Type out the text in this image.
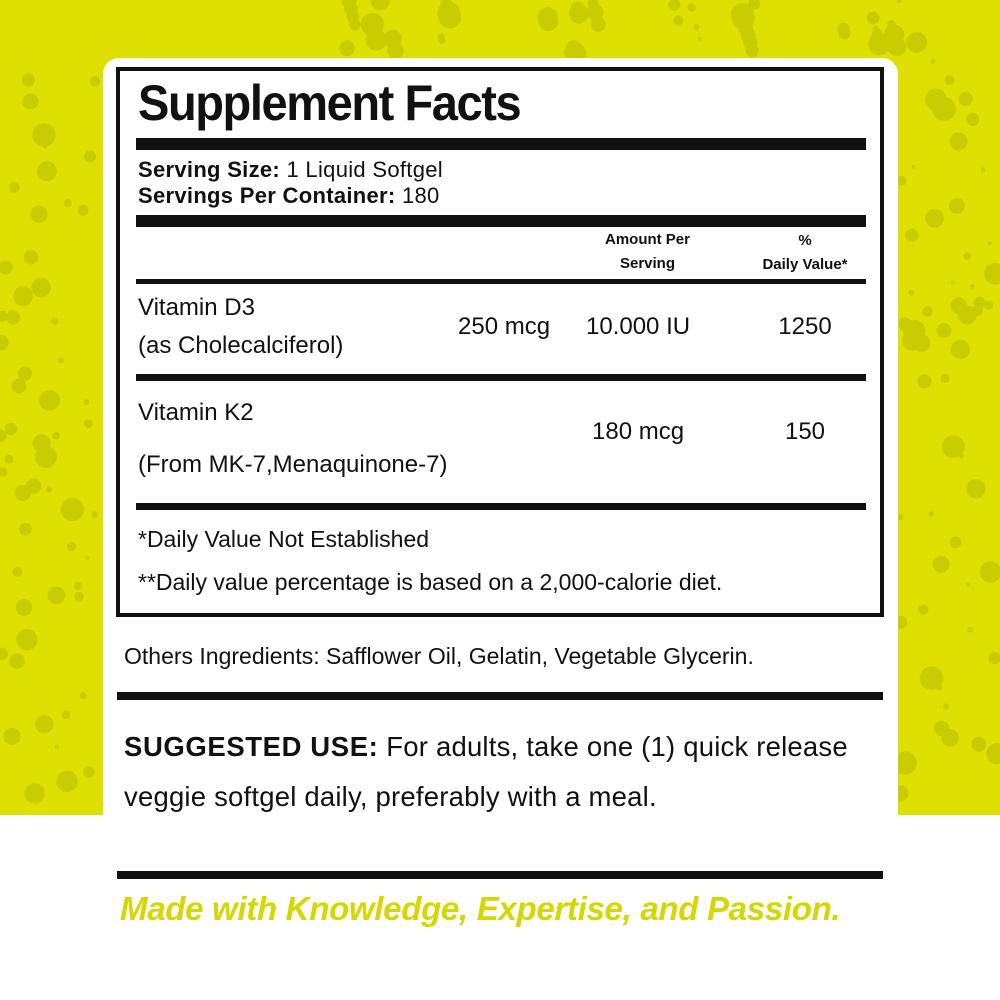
Supplement Facts
Serving Size: 1 Liquid Softgel
Servings Per Container: 180
Amount Per
Serving
%
Daily Value*
Vitamin D3
(as Cholecalciferol)
250 mcg 10.000 IU	1250
Vitamin K2
(From MK-7,Menaquinone-7)
180 mcg	150
*Daily Value Not Established
**Daily value percentage is based on a 2,000-calorie diet.
Others Ingredients: Safflower Oil, Gelatin, Vegetable Glycerin.
SUGGESTED USE: For adults, take one (1) quick release veggie softgel daily, preferably with a meal.
Made with Knowledge, Expertise, and Passion.
